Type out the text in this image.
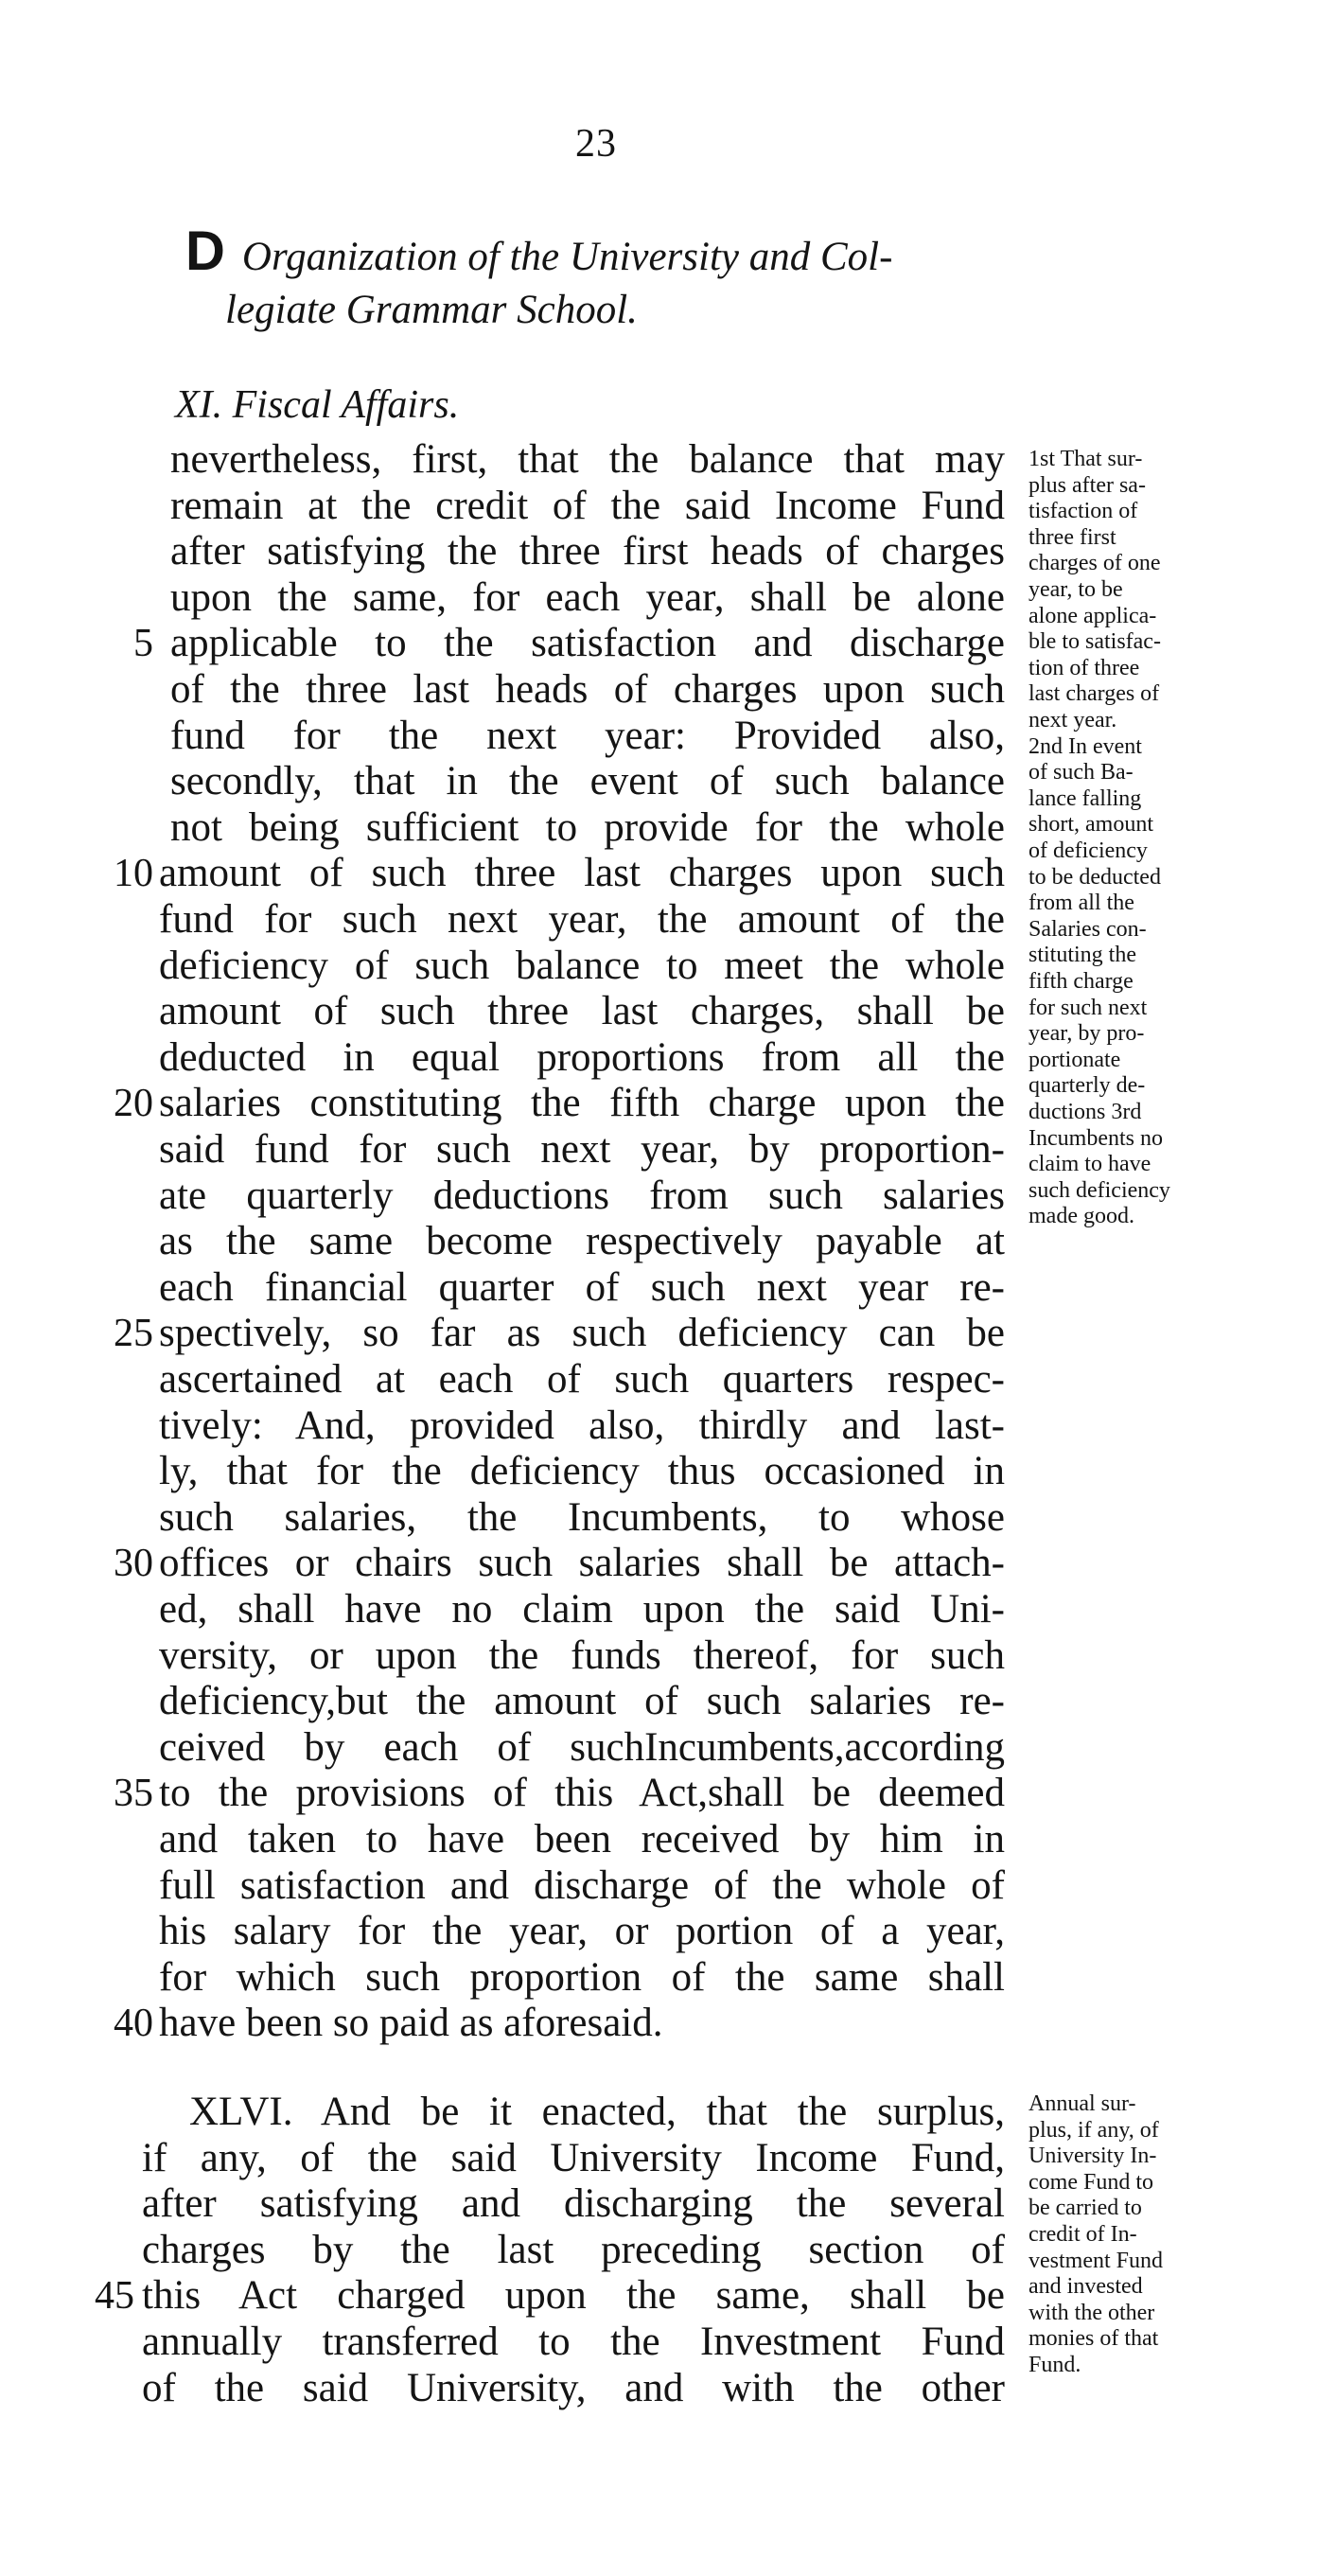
23
D Organization of the University and Col-
legiate Grammar School.
XI. Fiscal Affairs.
nevertheless, first, that the balance that may
remain at the credit of the said Income Fund
after satisfying the three first heads of charges
upon the same, for each year, shall be alone
applicable to the satisfaction and discharge
5
of the three last heads of charges upon such
fund for the next year: Provided also,
secondly, that in the event of such balance
not being sufficient to provide for the whole
amount of such three last charges upon such
10
fund for such next year, the amount of the
deficiency of such balance to meet the whole
amount of such three last charges, shall be
deducted in equal proportions from all the
salaries constituting the fifth charge upon the
20
said fund for such next year, by proportion-
ate quarterly deductions from such salaries
as the same become respectively payable at
each financial quarter of such next year re-
spectively, so far as such deficiency can be
25
ascertained at each of such quarters respec-
tively: And, provided also, thirdly and last-
ly, that for the deficiency thus occasioned in
such salaries, the Incumbents, to whose
offices or chairs such salaries shall be attach-
30
ed, shall have no claim upon the said Uni-
versity, or upon the funds thereof, for such
deficiency,but the amount of such salaries re-
ceived by each of suchIncumbents,according
to the provisions of this Act,shall be deemed
35
and taken to have been received by him in
full satisfaction and discharge of the whole of
his salary for the year, or portion of a year,
for which such proportion of the same shall
have been so paid as aforesaid.
40
XLVI. And be it enacted, that the surplus,
if any, of the said University Income Fund,
after satisfying and discharging the several
charges by the last preceding section of
this Act charged upon the same, shall be
45
annually transferred to the Investment Fund
of the said University, and with the other
1st That sur-
plus after sa-
tisfaction of
three first
charges of one
year, to be
alone applica-
ble to satisfac-
tion of three
last charges of
next year.
2nd In event
of such Ba-
lance falling
short, amount
of deficiency
to be deducted
from all the
Salaries con-
stituting the
fifth charge
for such next
year, by pro-
portionate
quarterly de-
ductions 3rd
Incumbents no
claim to have
such deficiency
made good.
Annual sur-
plus, if any, of
University In-
come Fund to
be carried to
credit of In-
vestment Fund
and invested
with the other
monies of that
Fund.
